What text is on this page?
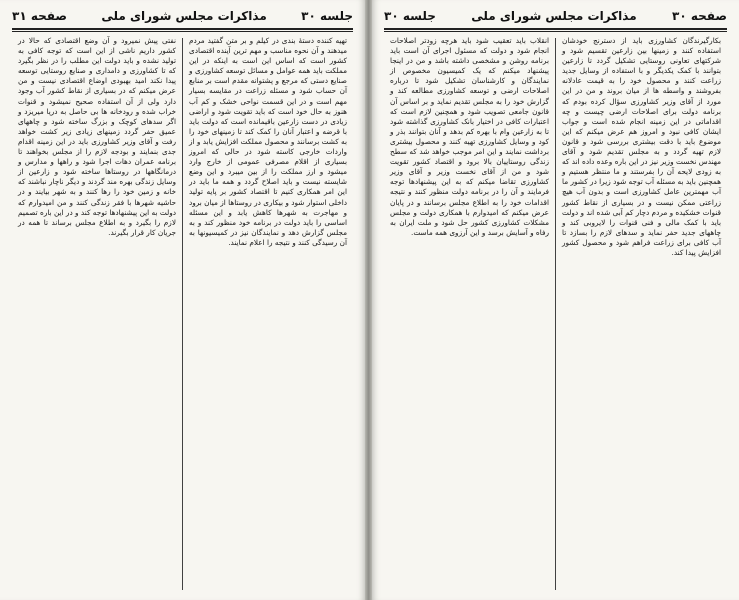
جلسه ۳۰
مذاکرات مجلس شورای ملی
صفحه ۳۱
تهیه کننده دستهٔ بندی در کیلم و بر متن گفتید مردم میدهند و آن نحوه مناسب و مهم ترین آینده اقتصادی کشور است که اساس این است به اینکه در این مملکت باید همه عوامل و مسائل توسعه کشاورزی و صنایع دستی که مرجع و پشتوانه مقدم است بر منابع آن حساب شود و مسئله زراعت در مقایسه بسیار مهم است و در این قسمت نواحی خشک و کم آب هنوز به حال خود است که باید تقویت شود و اراضی زیادی در دست زارعین باقیمانده است که دولت باید با قرضه و اعتبار آنان را کمک کند تا زمینهای خود را به کشت برسانند و محصول مملکت افزایش یابد و از واردات خارجی کاسته شود در حالی که امروز بسیاری از اقلام مصرفی عمومی از خارج وارد میشود و ارز مملکت را از بین میبرد و این وضع شایسته نیست و باید اصلاح گردد و همه ما باید در این امر همکاری کنیم تا اقتصاد کشور بر پایه تولید داخلی استوار شود و بیکاری در روستاها از میان برود و مهاجرت به شهرها کاهش یابد و این مسئله اساسی را باید دولت در برنامه خود منظور کند و به مجلس گزارش دهد و نمایندگان نیز در کمیسیونها به آن رسیدگی کنند و نتیجه را اعلام نمایند.
نفتی پیش نمیرود و آن وضع اقتصادی که حالا در کشور داریم ناشی از این است که توجه کافی به تولید نشده و باید دولت این مطلب را در نظر بگیرد که تا کشاورزی و دامداری و صنایع روستایی توسعه پیدا نکند امید بهبودی اوضاع اقتصادی نیست و من عرض میکنم که در بسیاری از نقاط کشور آب وجود دارد ولی از آن استفاده صحیح نمیشود و قنوات خراب شده و رودخانه ها بی حاصل به دریا میریزد و اگر سدهای کوچک و بزرگ ساخته شود و چاههای عمیق حفر گردد زمینهای زیادی زیر کشت خواهد رفت و آقای وزیر کشاورزی باید در این زمینه اقدام جدی بنمایند و بودجه لازم را از مجلس بخواهند تا برنامه عمران دهات اجرا شود و راهها و مدارس و درمانگاهها در روستاها ساخته شود و زارعین از وسایل زندگی بهره مند گردند و دیگر ناچار نباشند که خانه و زمین خود را رها کنند و به شهر بیایند و در حاشیه شهرها با فقر زندگی کنند و من امیدوارم که دولت به این پیشنهادها توجه کند و در این باره تصمیم لازم را بگیرد و به اطلاع مجلس برساند تا همه در جریان کار قرار بگیرند.
صفحه ۳۰
مذاکرات مجلس شورای ملی
جلسه ۳۰
بکارگیرندگان کشاورزی باید از دسترنج خودشان استفاده کنند و زمینها بین زارعین تقسیم شود و شرکتهای تعاونی روستایی تشکیل گردد تا زارعین بتوانند با کمک یکدیگر و با استفاده از وسایل جدید زراعت کنند و محصول خود را به قیمت عادلانه بفروشند و واسطه ها از میان بروند و من در این مورد از آقای وزیر کشاورزی سؤال کرده بودم که برنامه دولت برای اصلاحات ارضی چیست و چه اقداماتی در این زمینه انجام شده است و جواب ایشان کافی نبود و امروز هم عرض میکنم که این موضوع باید با دقت بیشتری بررسی شود و قانون لازم تهیه گردد و به مجلس تقدیم شود و آقای مهندس نخست وزیر نیز در این باره وعده داده اند که به زودی لایحه آن را بفرستند و ما منتظر هستیم و همچنین باید به مسئله آب توجه شود زیرا در کشور ما آب مهمترین عامل کشاورزی است و بدون آب هیچ زراعتی ممکن نیست و در بسیاری از نقاط کشور قنوات خشکیده و مردم دچار کم آبی شده اند و دولت باید با کمک مالی و فنی قنوات را لایروبی کند و چاههای جدید حفر نماید و سدهای لازم را بسازد تا آب کافی برای زراعت فراهم شود و محصول کشور افزایش پیدا کند.
انقلاب باید تعقیب شود باید هرچه زودتر اصلاحات انجام شود و دولت که مسئول اجرای آن است باید برنامه روشن و مشخصی داشته باشد و من در اینجا پیشنهاد میکنم که یک کمیسیون مخصوص از نمایندگان و کارشناسان تشکیل شود تا درباره اصلاحات ارضی و توسعه کشاورزی مطالعه کند و گزارش خود را به مجلس تقدیم نماید و بر اساس آن قانون جامعی تصویب شود و همچنین لازم است که اعتبارات کافی در اختیار بانک کشاورزی گذاشته شود تا به زارعین وام با بهره کم بدهد و آنان بتوانند بذر و کود و وسایل کشاورزی تهیه کنند و محصول بیشتری برداشت نمایند و این امر موجب خواهد شد که سطح زندگی روستاییان بالا برود و اقتصاد کشور تقویت شود و من از آقای نخست وزیر و آقای وزیر کشاورزی تقاضا میکنم که به این پیشنهادها توجه فرمایند و آن را در برنامه دولت منظور کنند و نتیجه اقدامات خود را به اطلاع مجلس برسانند و در پایان عرض میکنم که امیدوارم با همکاری دولت و مجلس مشکلات کشاورزی کشور حل شود و ملت ایران به رفاه و آسایش برسد و این آرزوی همه ماست.
